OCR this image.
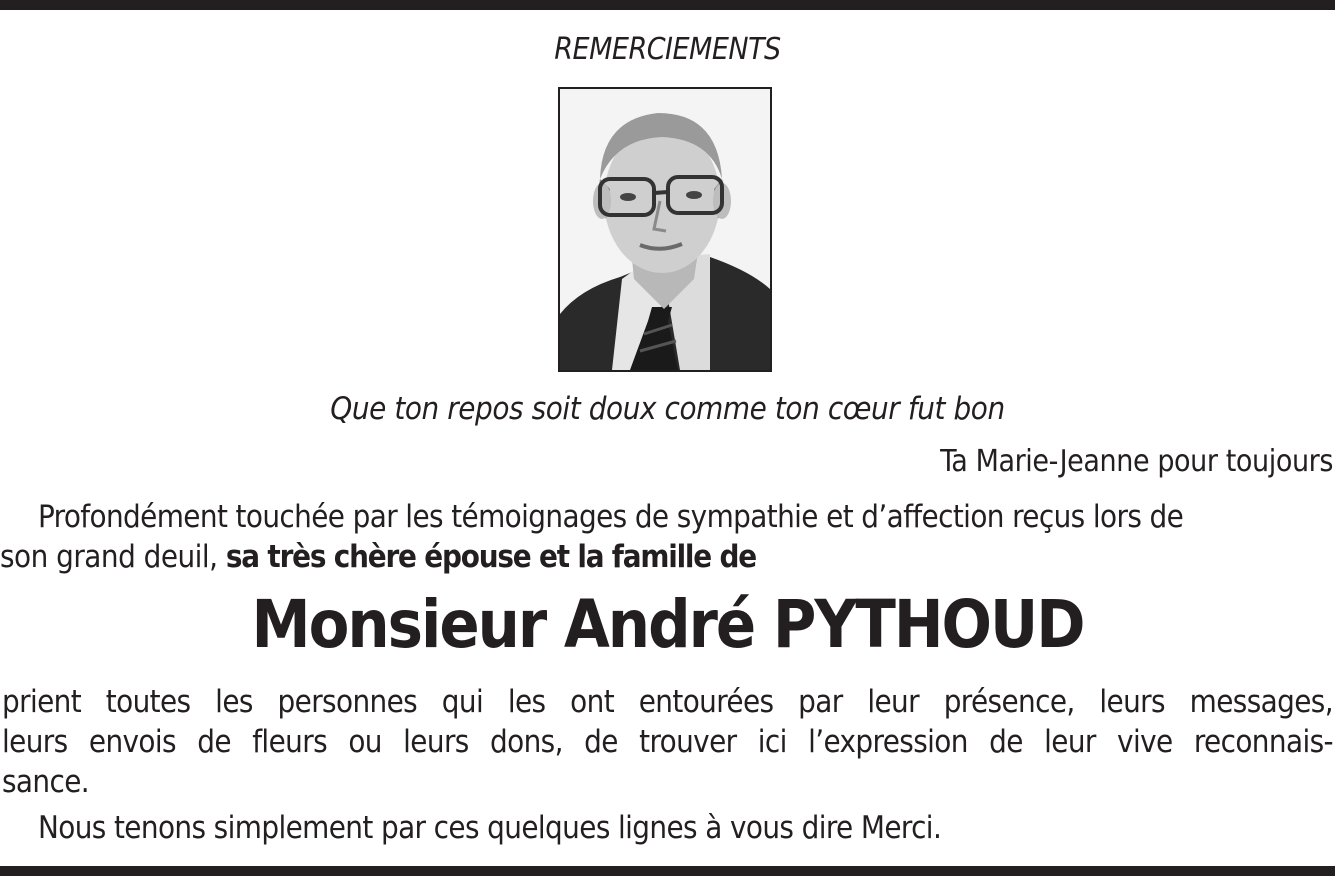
REMERCIEMENTS
Que ton repos soit doux comme ton cœur fut bon
Ta Marie-Jeanne pour toujours
Profondément touchée par les témoignages de sympathie et d’affection reçus lors de
son grand deuil, sa très chère épouse et la famille de
Monsieur André PYTHOUD
prient toutes les personnes qui les ont entourées par leur présence, leurs messages,
leurs envois de fleurs ou leurs dons, de trouver ici l’expression de leur vive reconnais-
sance.
Nous tenons simplement par ces quelques lignes à vous dire Merci.
